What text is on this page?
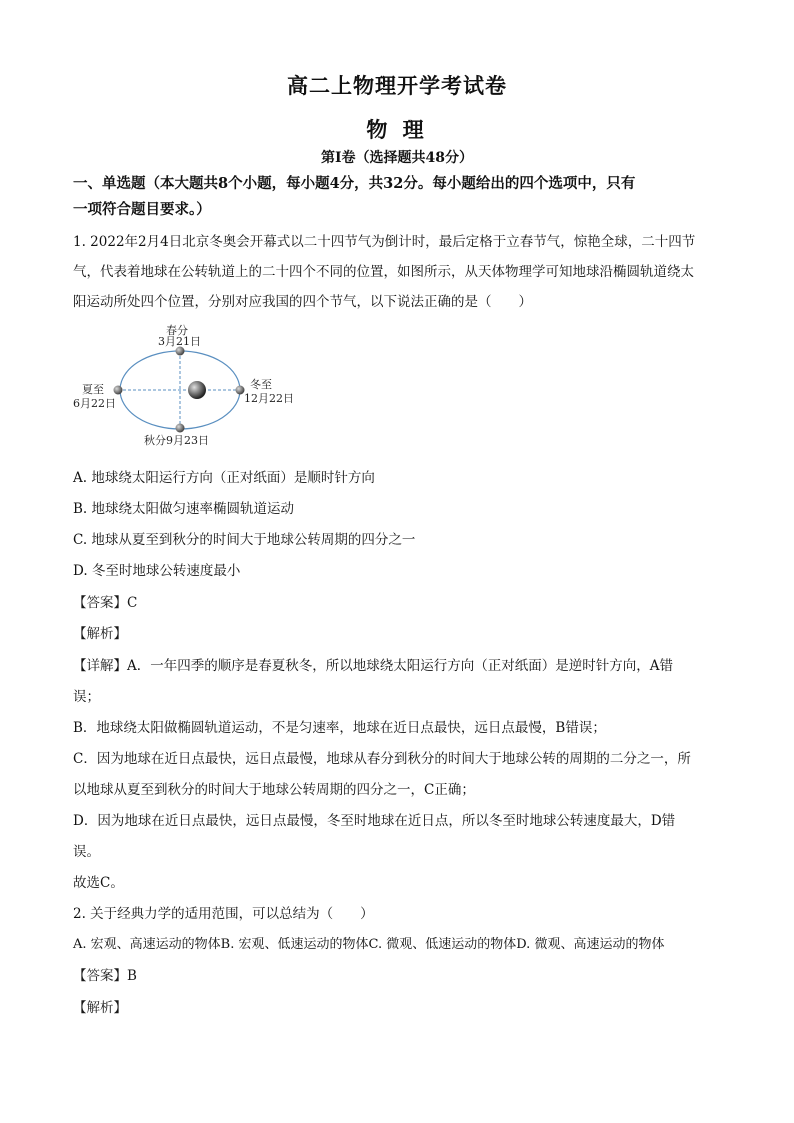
高二上物理开学考试卷
物 理
第Ⅰ卷（选择题共48分）
一、单选题（本大题共8个小题，每小题4分，共32分。每小题给出的四个选项中，只有
一项符合题目要求。）
1. 2022年2月4日北京冬奥会开幕式以二十四节气为倒计时，最后定格于立春节气，惊艳全球，二十四节
气，代表着地球在公转轨道上的二十四个不同的位置，如图所示，从天体物理学可知地球沿椭圆轨道绕太
阳运动所处四个位置，分别对应我国的四个节气，以下说法正确的是（　　）
春分
3月21日
夏至
6月22日
冬至
12月22日
秋分9月23日
A. 地球绕太阳运行方向（正对纸面）是顺时针方向
B. 地球绕太阳做匀速率椭圆轨道运动
C. 地球从夏至到秋分的时间大于地球公转周期的四分之一
D. 冬至时地球公转速度最小
【答案】C
【解析】
【详解】A．一年四季的顺序是春夏秋冬，所以地球绕太阳运行方向（正对纸面）是逆时针方向，A错
误；
B．地球绕太阳做椭圆轨道运动，不是匀速率，地球在近日点最快，远日点最慢，B错误；
C．因为地球在近日点最快，远日点最慢，地球从春分到秋分的时间大于地球公转的周期的二分之一，所
以地球从夏至到秋分的时间大于地球公转周期的四分之一，C正确；
D．因为地球在近日点最快，远日点最慢，冬至时地球在近日点，所以冬至时地球公转速度最大，D错
误。
故选C。
2. 关于经典力学的适用范围，可以总结为（　　）
A. 宏观、高速运动的物体B. 宏观、低速运动的物体C. 微观、低速运动的物体D. 微观、高速运动的物体
【答案】B
【解析】
